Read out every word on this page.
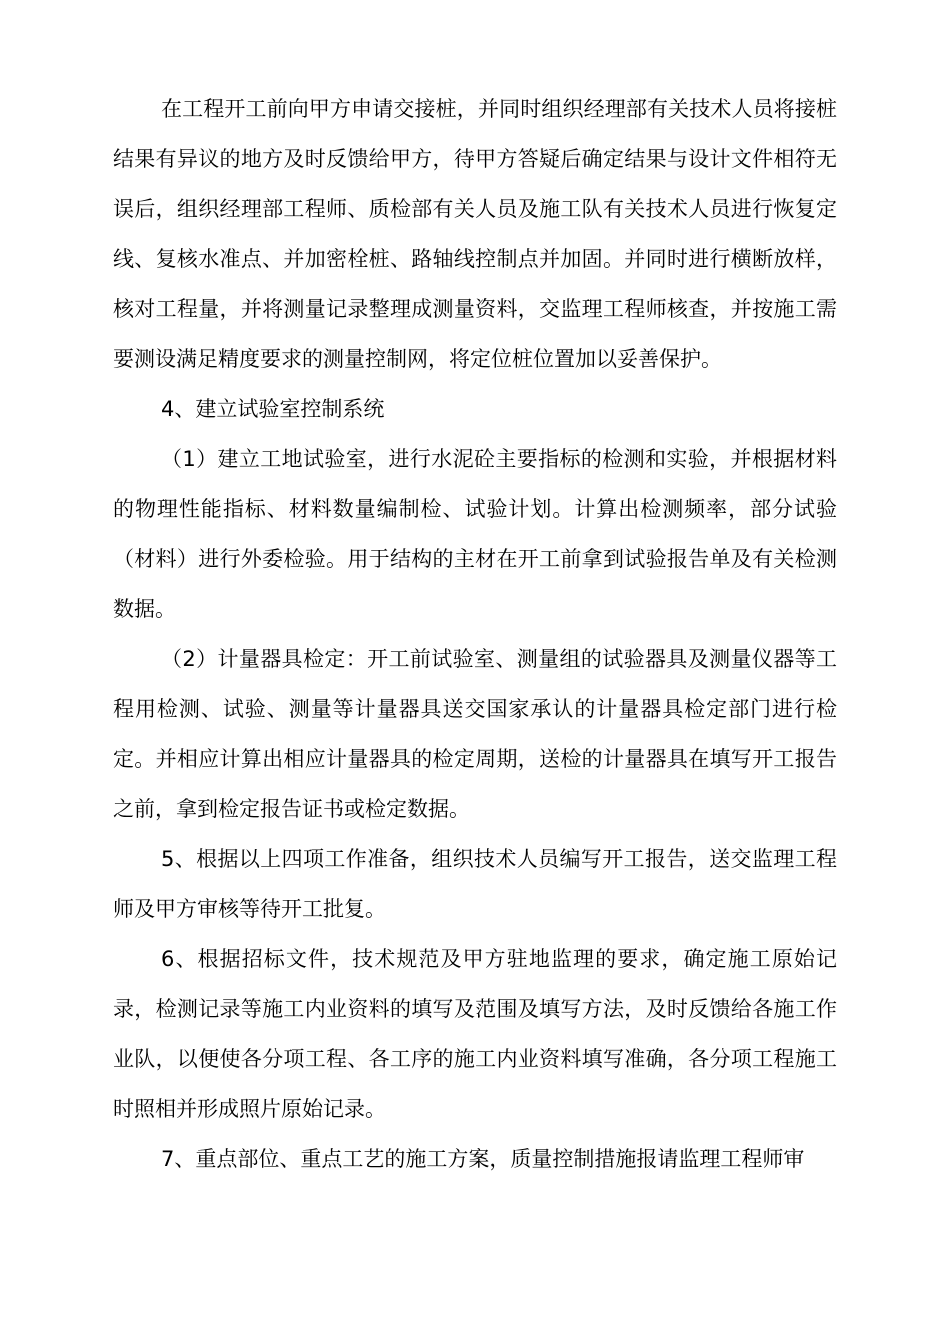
在工程开工前向甲方申请交接桩，并同时组织经理部有关技术人员将接桩结果有异议的地方及时反馈给甲方，待甲方答疑后确定结果与设计文件相符无误后，组织经理部工程师、质检部有关人员及施工队有关技术人员进行恢复定线、复核水准点、并加密栓桩、路轴线控制点并加固。并同时进行横断放样，核对工程量，并将测量记录整理成测量资料，交监理工程师核查，并按施工需要测设满足精度要求的测量控制网，将定位桩位置加以妥善保护。

4、建立试验室控制系统

（1）建立工地试验室，进行水泥砼主要指标的检测和实验，并根据材料的物理性能指标、材料数量编制检、试验计划。计算出检测频率，部分试验（材料）进行外委检验。用于结构的主材在开工前拿到试验报告单及有关检测数据。

（2）计量器具检定：开工前试验室、测量组的试验器具及测量仪器等工程用检测、试验、测量等计量器具送交国家承认的计量器具检定部门进行检定。并相应计算出相应计量器具的检定周期，送检的计量器具在填写开工报告之前，拿到检定报告证书或检定数据。

5、根据以上四项工作准备，组织技术人员编写开工报告，送交监理工程师及甲方审核等待开工批复。

6、根据招标文件，技术规范及甲方驻地监理的要求，确定施工原始记录，检测记录等施工内业资料的填写及范围及填写方法，及时反馈给各施工作业队，以便使各分项工程、各工序的施工内业资料填写准确，各分项工程施工时照相并形成照片原始记录。

7、重点部位、重点工艺的施工方案，质量控制措施报请监理工程师审
